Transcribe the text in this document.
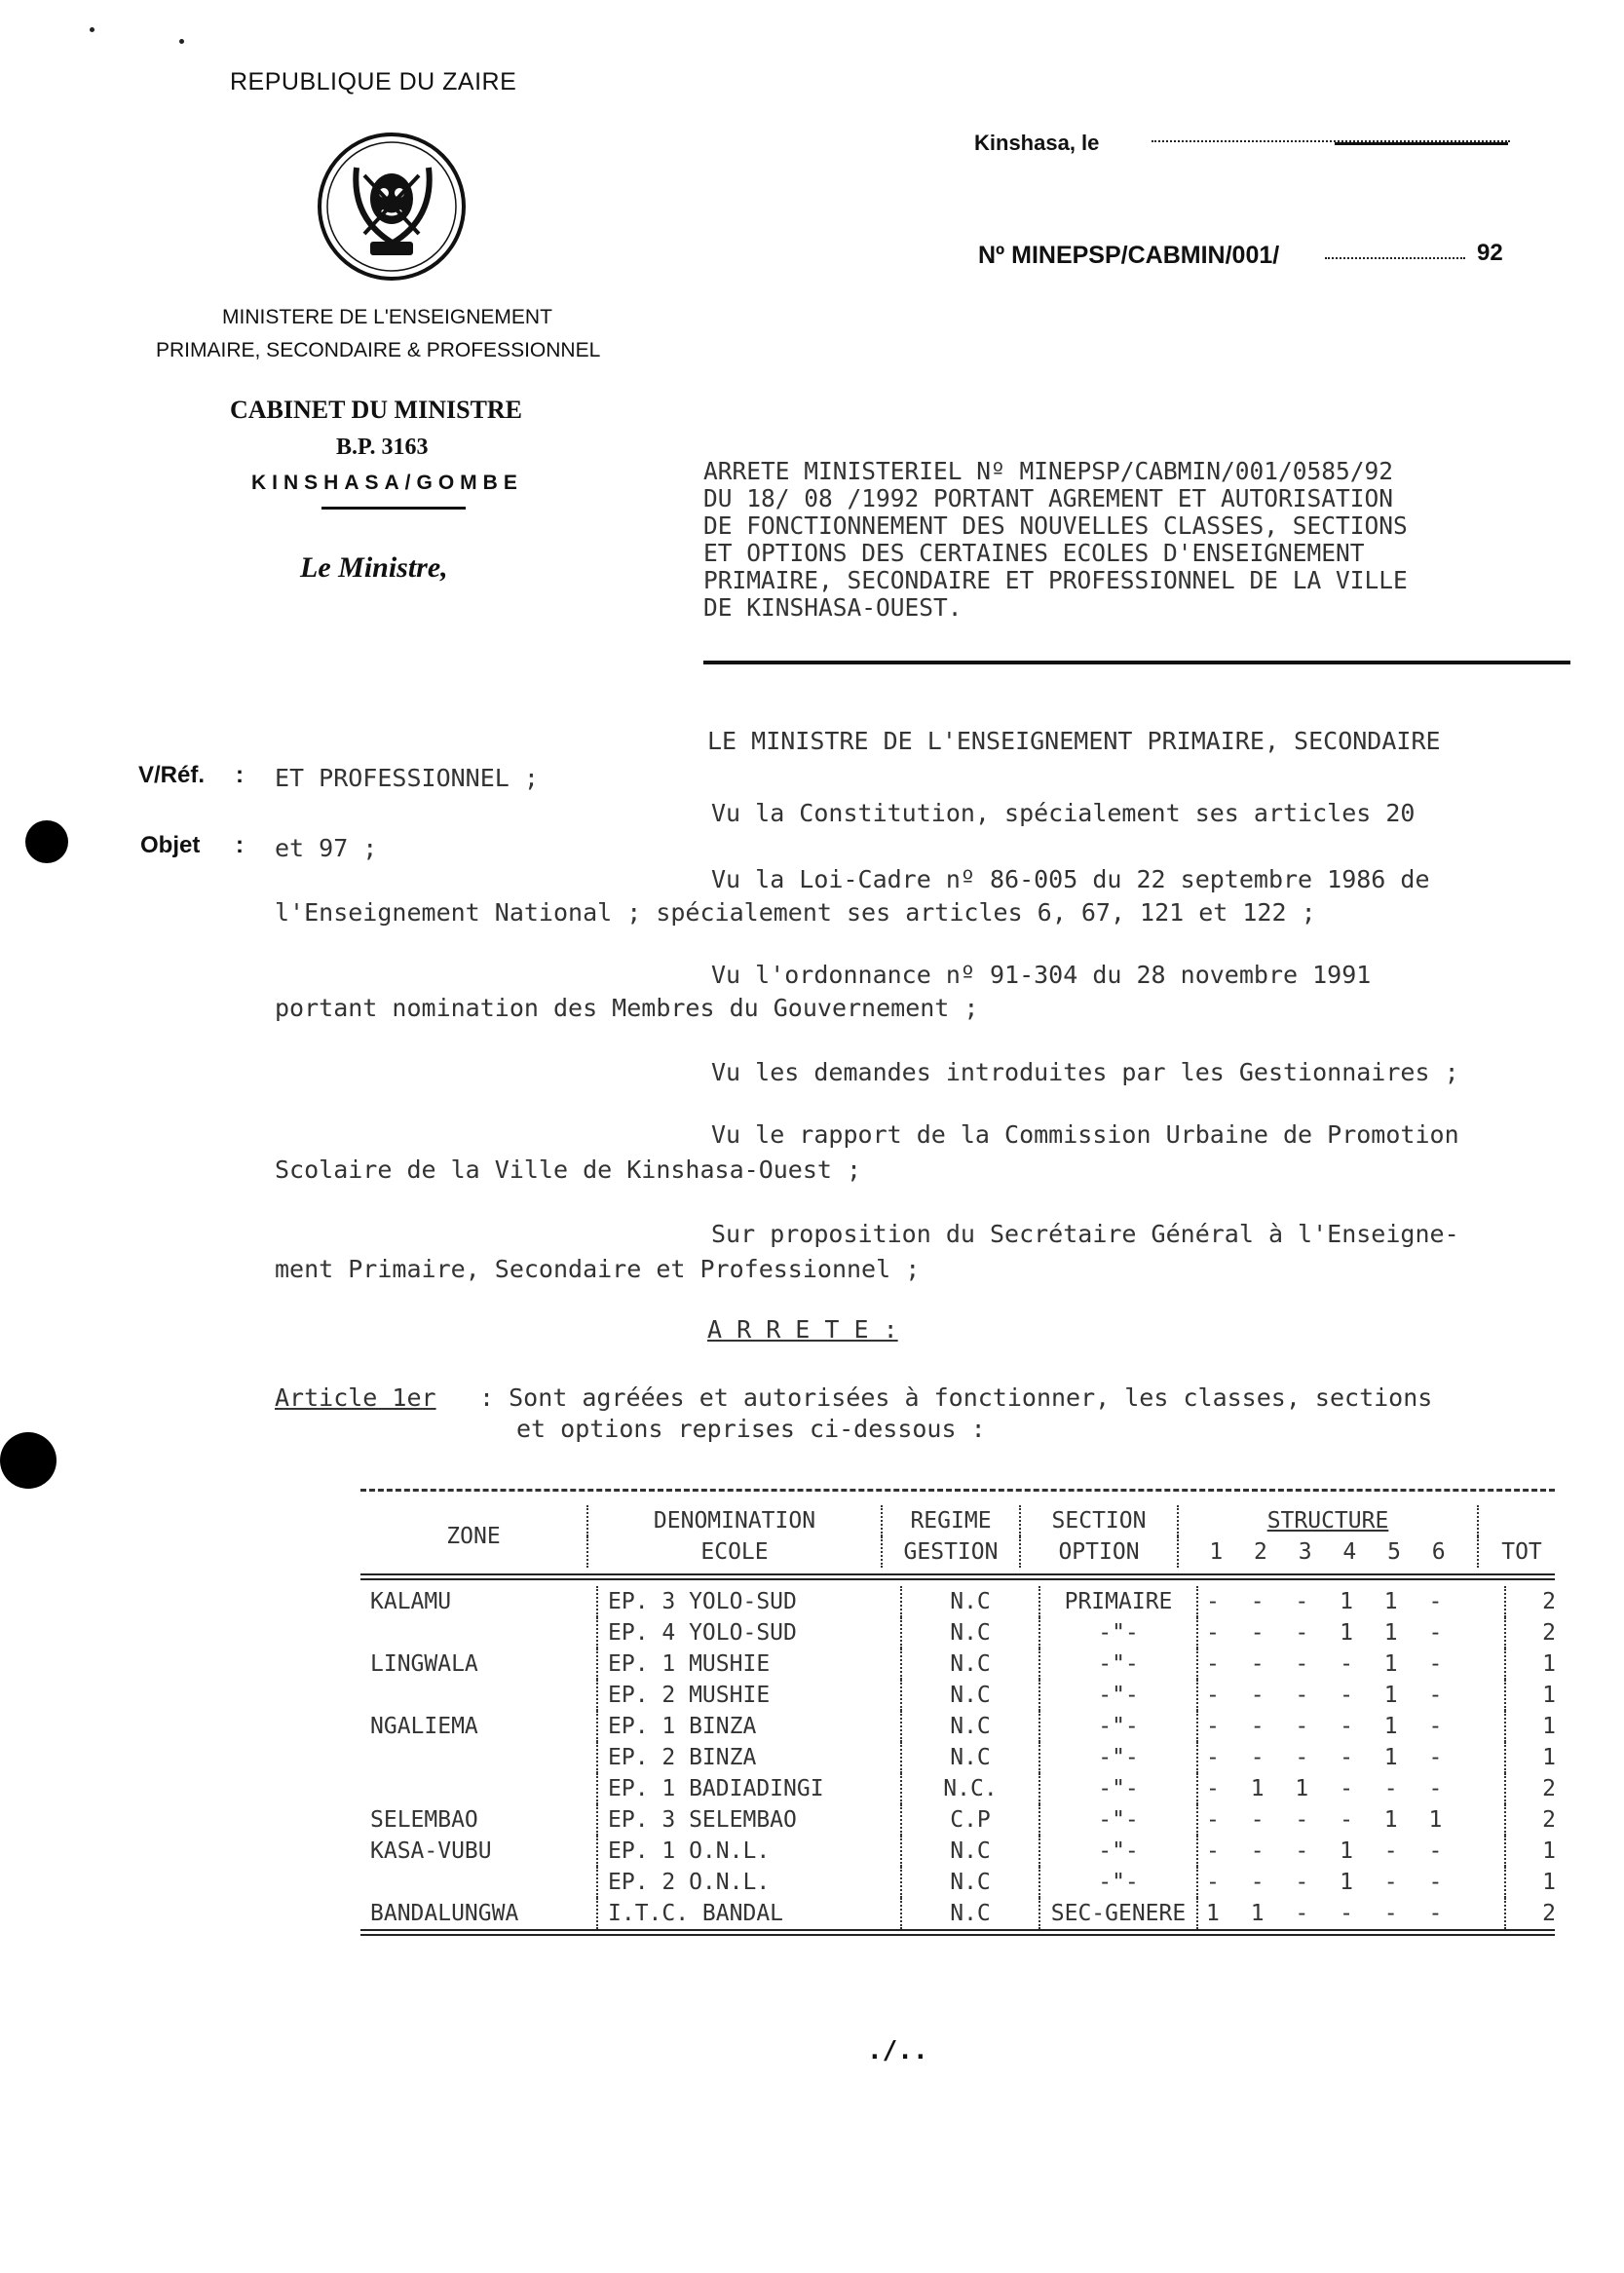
REPUBLIQUE DU ZAIRE
MINISTERE DE L'ENSEIGNEMENT
PRIMAIRE, SECONDAIRE & PROFESSIONNEL
CABINET DU MINISTRE
B.P. 3163
KINSHASA/GOMBE
Le Ministre,
Kinshasa, le
Nº MINEPSP/CABMIN/001/	92
ARRETE MINISTERIEL Nº MINEPSP/CABMIN/001/0585/92
DU 18/ 08 /1992 PORTANT AGREMENT ET AUTORISATION
DE FONCTIONNEMENT DES NOUVELLES CLASSES, SECTIONS
ET OPTIONS DES CERTAINES ECOLES D'ENSEIGNEMENT
PRIMAIRE, SECONDAIRE ET PROFESSIONNEL DE LA VILLE
DE KINSHASA-OUEST.
V/Réf. :
Objet :
LE MINISTRE DE L'ENSEIGNEMENT PRIMAIRE, SECONDAIRE
ET PROFESSIONNEL ;
Vu la Constitution, spécialement ses articles 20
et 97 ;
Vu la Loi-Cadre nº 86-005 du 22 septembre 1986 de
l'Enseignement National ; spécialement ses articles 6, 67, 121 et 122 ;
Vu l'ordonnance nº 91-304 du 28 novembre 1991
portant nomination des Membres du Gouvernement ;
Vu les demandes introduites par les Gestionnaires ;
Vu le rapport de la Commission Urbaine de Promotion
Scolaire de la Ville de Kinshasa-Ouest ;
Sur proposition du Secrétaire Général à l'Enseigne-
ment Primaire, Secondaire et Professionnel ;
A R R E T E :
Article 1er : Sont agréées et autorisées à fonctionner, les classes, sections
et options reprises ci-dessous :
ZONE	DENOMINATION	REGIME	SECTION	STRUCTURE	
	ECOLE	GESTION	OPTION	1 2 3 4 5 6	TOT
KALAMU	EP. 3 YOLO-SUD	N.C	PRIMAIRE	- - - 1 1 -	2
	EP. 4 YOLO-SUD	N.C	-"-	- - - 1 1 -	2
LINGWALA	EP. 1 MUSHIE	N.C	-"-	- - - - 1 -	1
	EP. 2 MUSHIE	N.C	-"-	- - - - 1 -	1
NGALIEMA	EP. 1 BINZA	N.C	-"-	- - - - 1 -	1
	EP. 2 BINZA	N.C	-"-	- - - - 1 -	1
	EP. 1 BADIADINGI	N.C.	-"-	- 1 1 - - -	2
SELEMBAO	EP. 3 SELEMBAO	C.P	-"-	- - - - 1 1	2
KASA-VUBU	EP. 1 O.N.L.	N.C	-"-	- - - 1 - -	1
	EP. 2 O.N.L.	N.C	-"-	- - - 1 - -	1
BANDALUNGWA	I.T.C. BANDAL	N.C	SEC-GENERE	1 1 - - - -	2
./..
